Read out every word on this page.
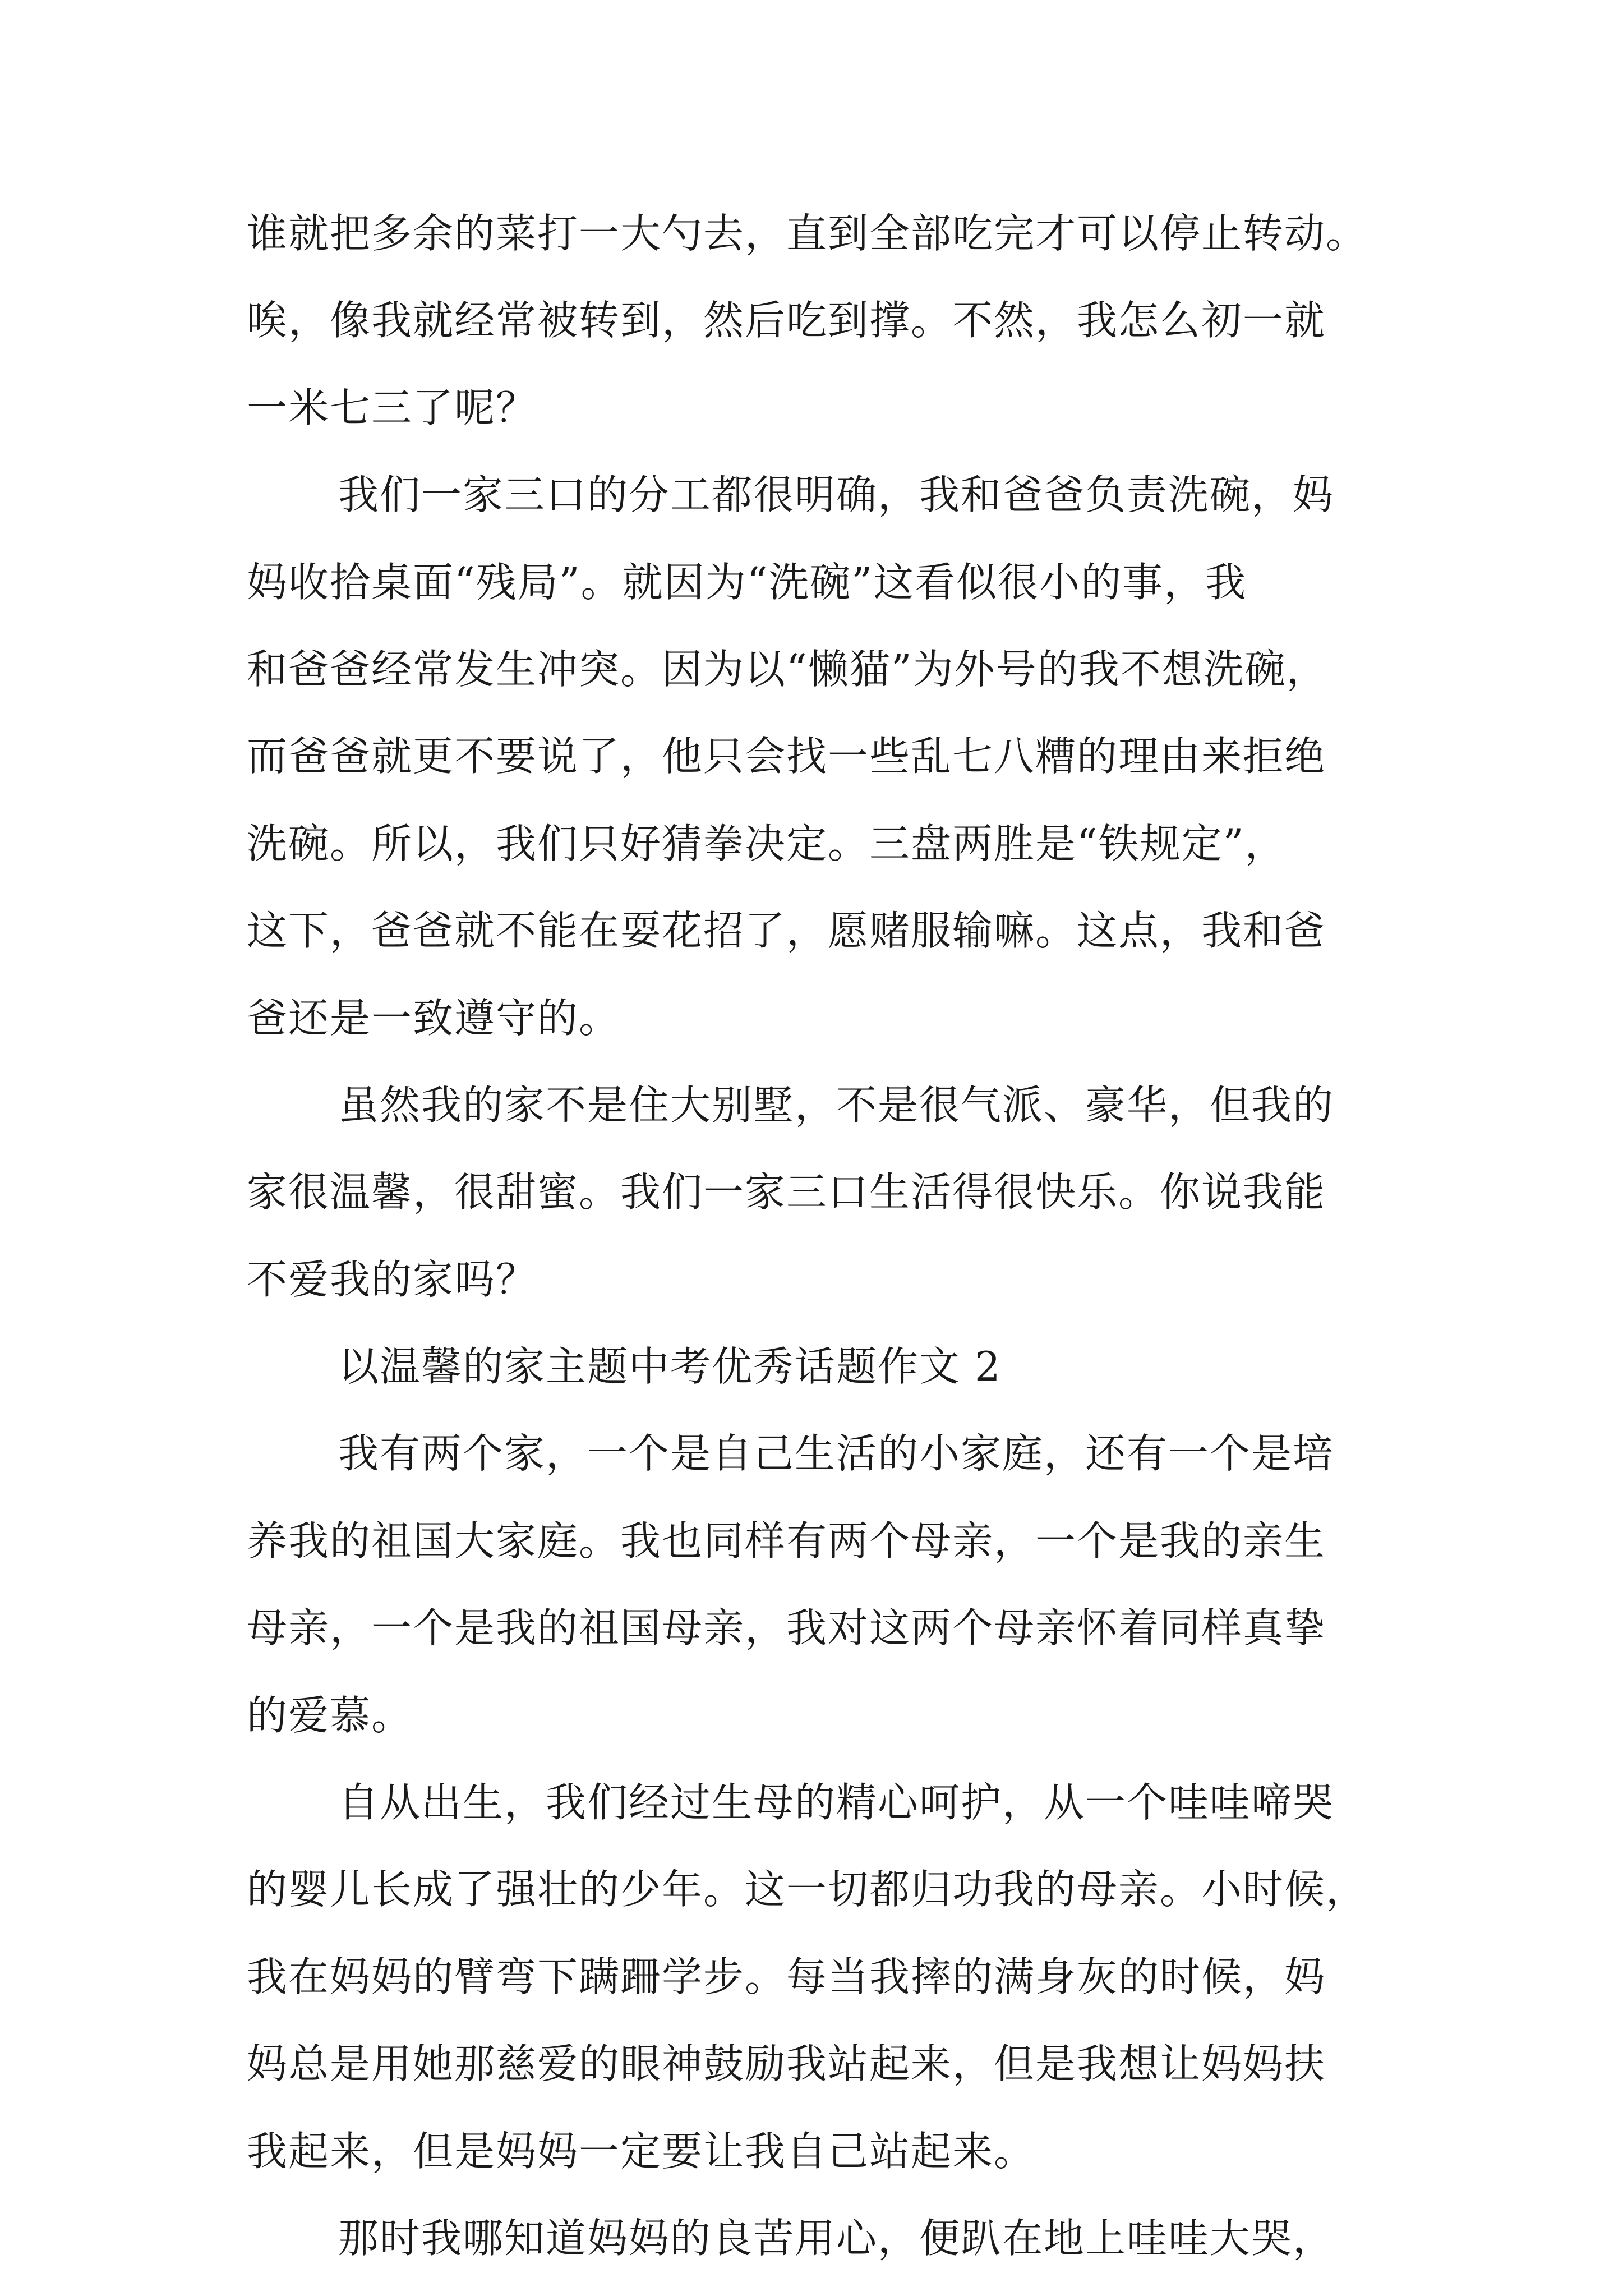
谁就把多余的菜打一大勺去，直到全部吃完才可以停止转动。
唉，像我就经常被转到，然后吃到撑。不然，我怎么初一就
一米七三了呢？
我们一家三口的分工都很明确，我和爸爸负责洗碗，妈
妈收拾桌面“残局”。就因为“洗碗”这看似很小的事，我
和爸爸经常发生冲突。因为以“懒猫”为外号的我不想洗碗，
而爸爸就更不要说了，他只会找一些乱七八糟的理由来拒绝
洗碗。所以，我们只好猜拳决定。三盘两胜是“铁规定”，
这下，爸爸就不能在耍花招了，愿赌服输嘛。这点，我和爸
爸还是一致遵守的。
虽然我的家不是住大别墅，不是很气派、豪华，但我的
家很温馨，很甜蜜。我们一家三口生活得很快乐。你说我能
不爱我的家吗？
以温馨的家主题中考优秀话题作文 2
我有两个家，一个是自己生活的小家庭，还有一个是培
养我的祖国大家庭。我也同样有两个母亲，一个是我的亲生
母亲，一个是我的祖国母亲，我对这两个母亲怀着同样真挚
的爱慕。
自从出生，我们经过生母的精心呵护，从一个哇哇啼哭
的婴儿长成了强壮的少年。这一切都归功我的母亲。小时候，
我在妈妈的臂弯下蹒跚学步。每当我摔的满身灰的时候，妈
妈总是用她那慈爱的眼神鼓励我站起来，但是我想让妈妈扶
我起来，但是妈妈一定要让我自己站起来。
那时我哪知道妈妈的良苦用心，便趴在地上哇哇大哭，
